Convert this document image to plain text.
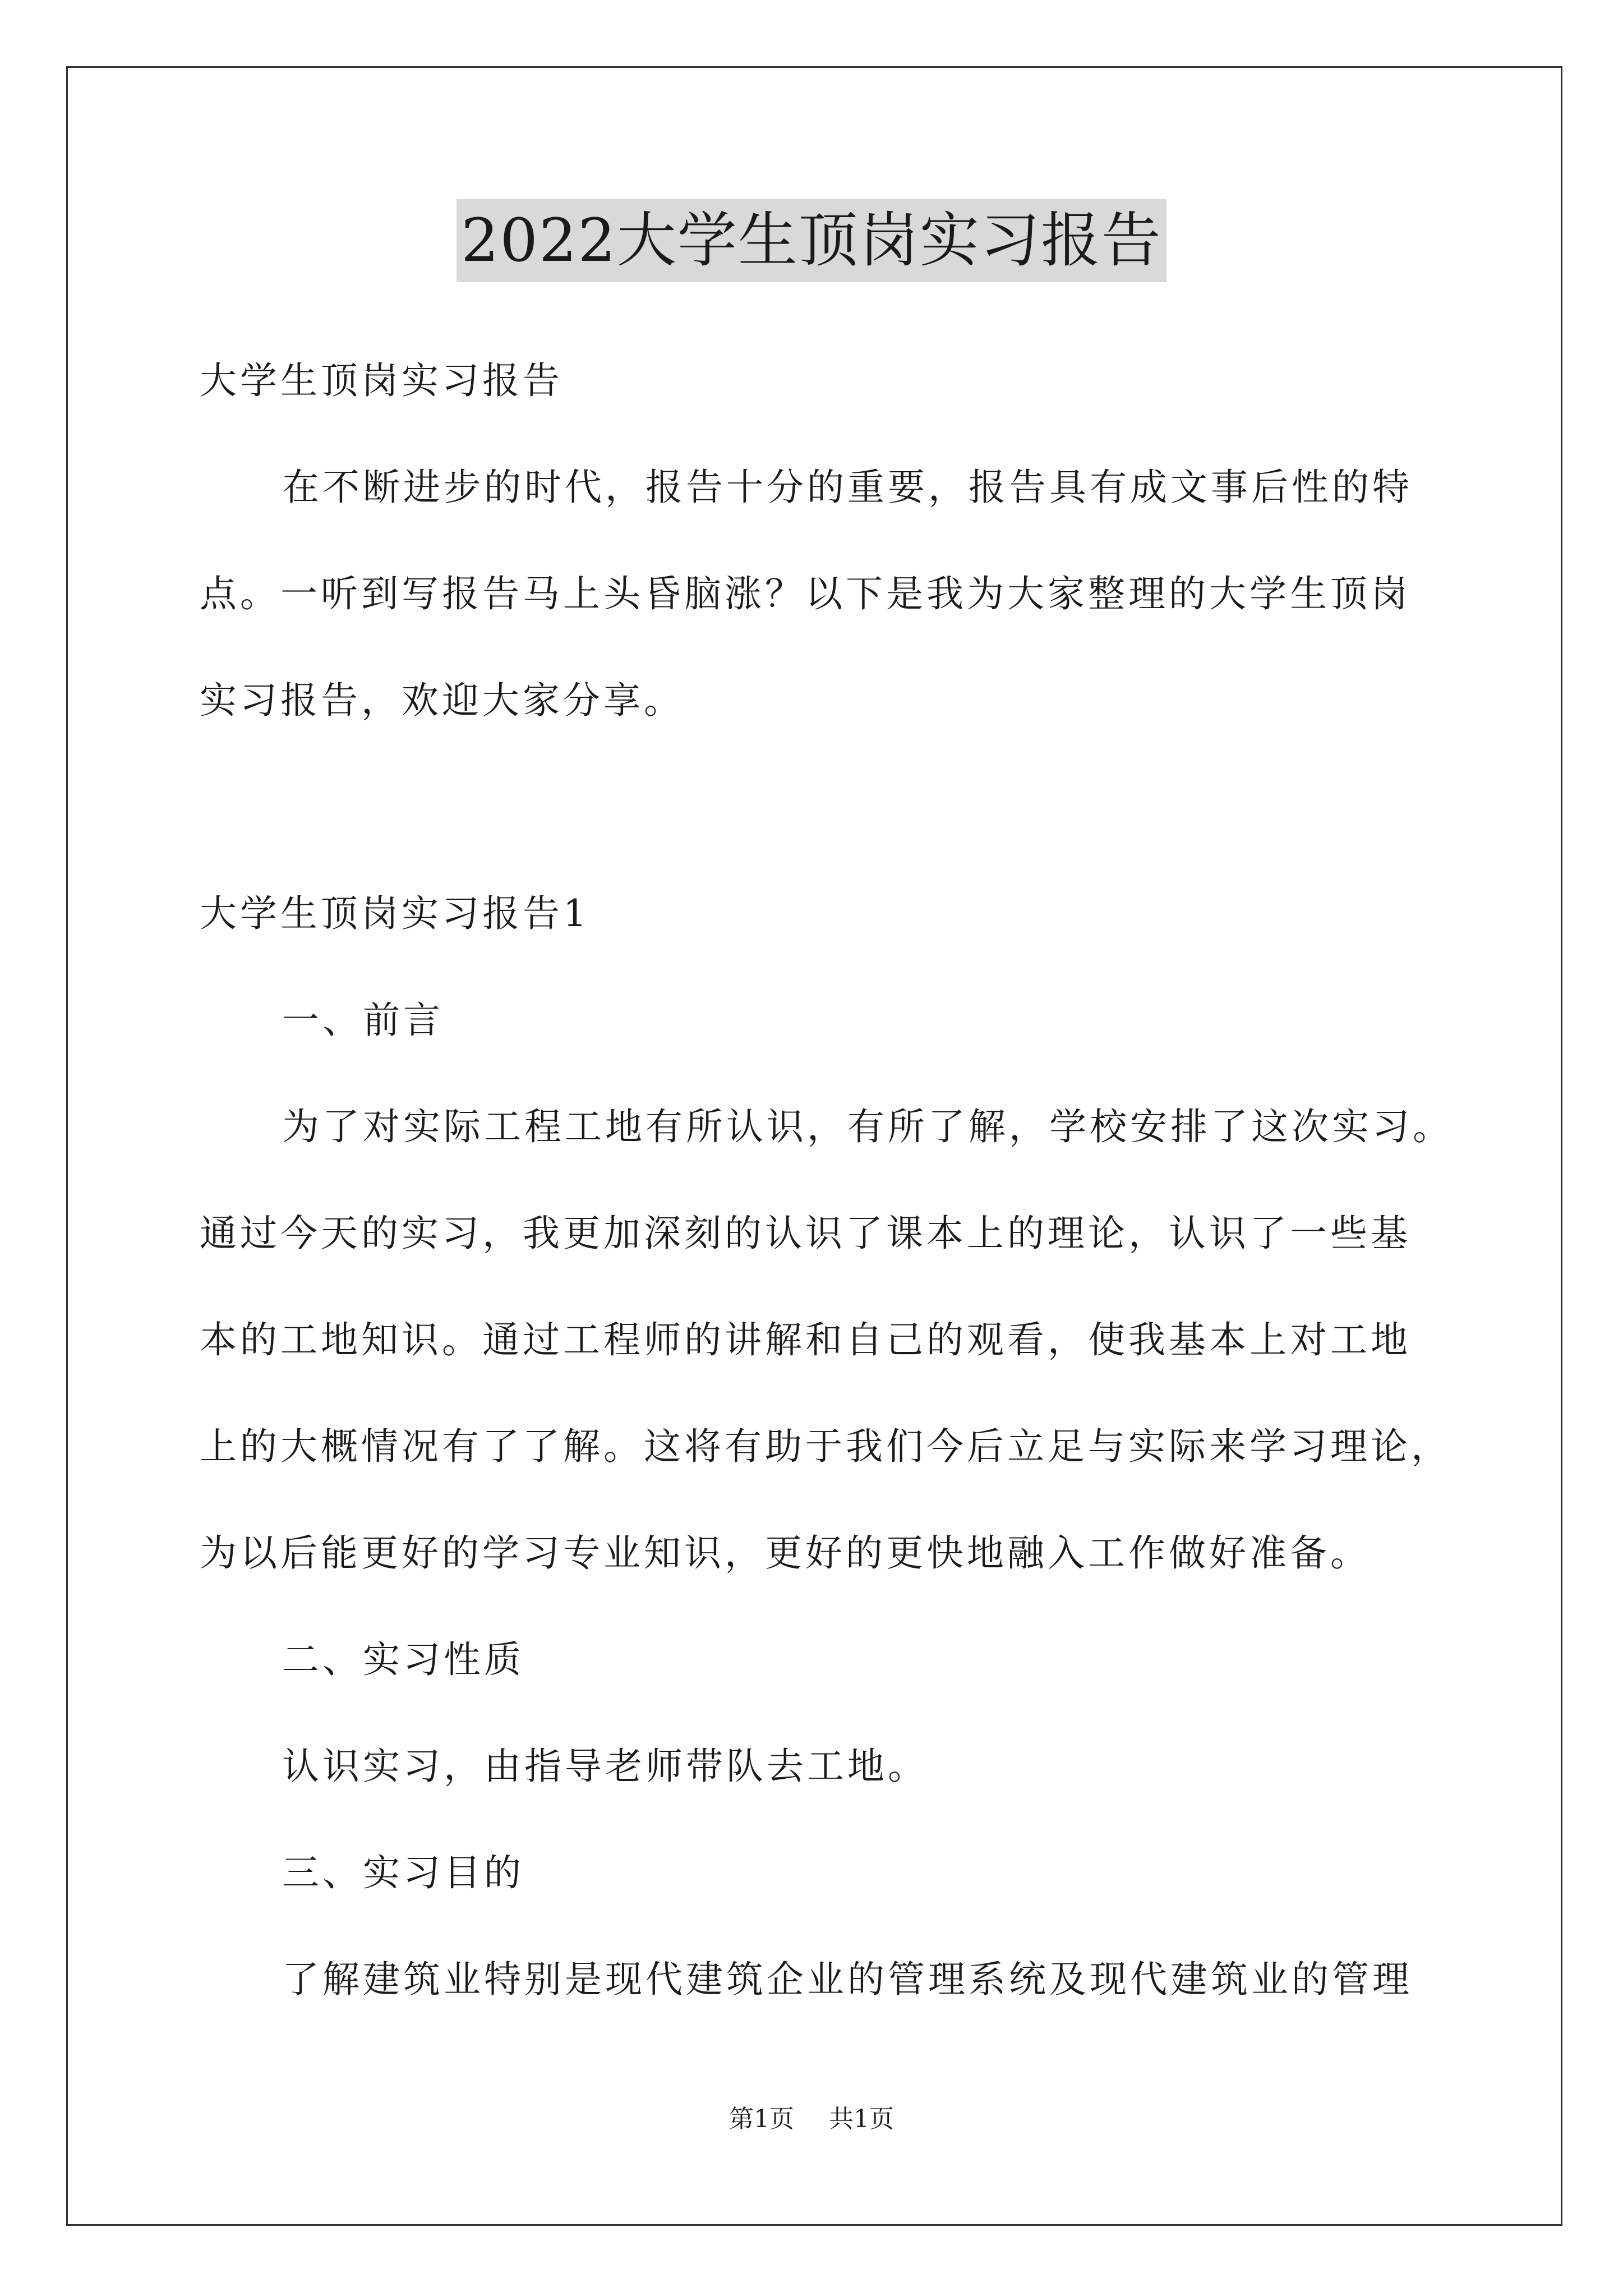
2022大学生顶岗实习报告
大学生顶岗实习报告
在不断进步的时代，报告十分的重要，报告具有成文事后性的特
点。一听到写报告马上头昏脑涨？以下是我为大家整理的大学生顶岗
实习报告，欢迎大家分享。
大学生顶岗实习报告1
一、前言
为了对实际工程工地有所认识，有所了解，学校安排了这次实习。
通过今天的实习，我更加深刻的认识了课本上的理论，认识了一些基
本的工地知识。通过工程师的讲解和自己的观看，使我基本上对工地
上的大概情况有了了解。这将有助于我们今后立足与实际来学习理论，
为以后能更好的学习专业知识，更好的更快地融入工作做好准备。
二、实习性质
认识实习，由指导老师带队去工地。
三、实习目的
了解建筑业特别是现代建筑企业的管理系统及现代建筑业的管理
第1页 共1页
